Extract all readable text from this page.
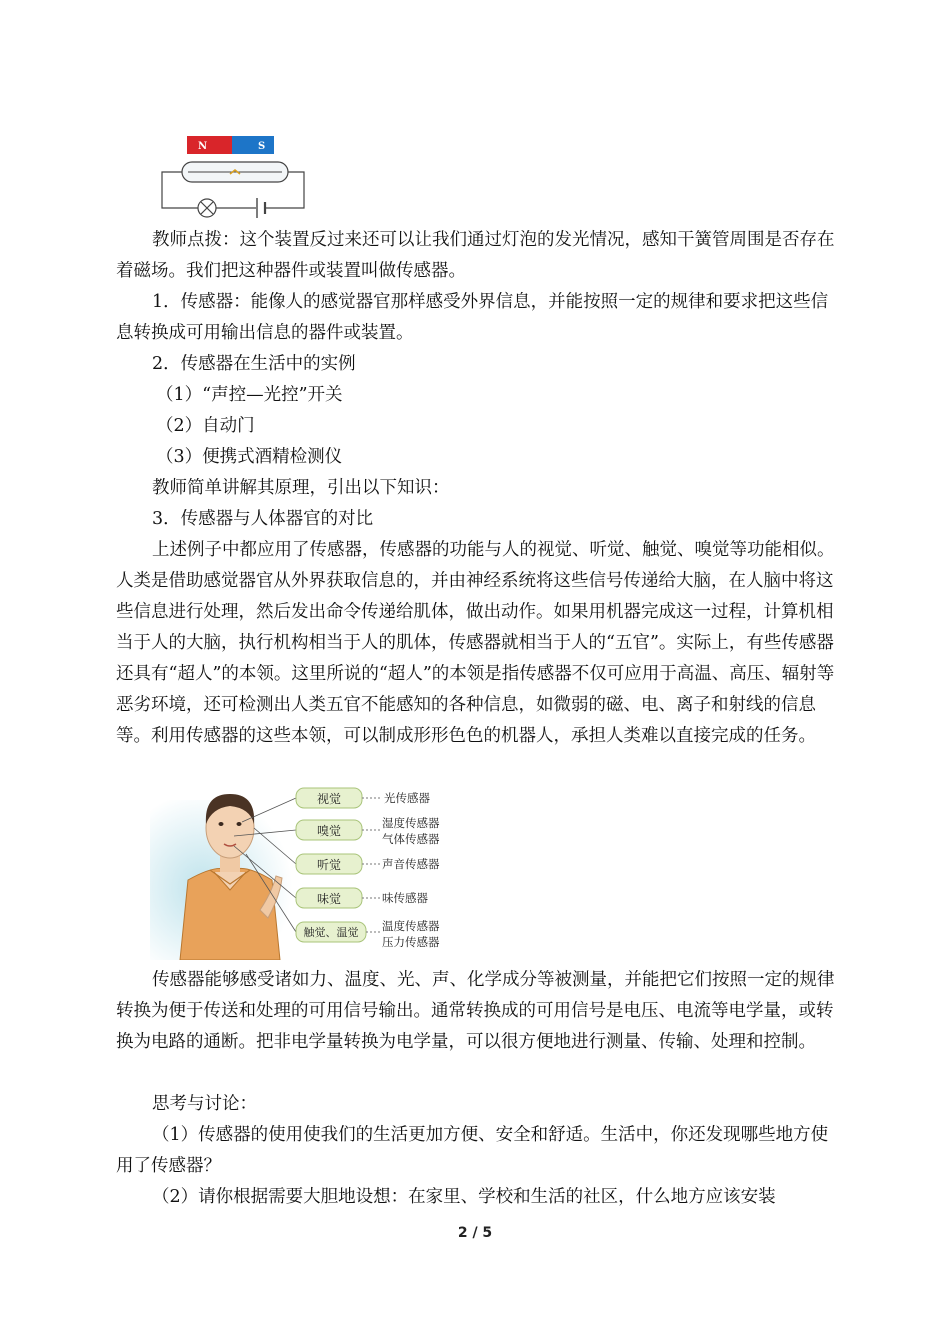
N	S

教师点拨：这个装置反过来还可以让我们通过灯泡的发光情况，感知干簧管周围是否存在着磁场。我们把这种器件或装置叫做传感器。

1．传感器：能像人的感觉器官那样感受外界信息，并能按照一定的规律和要求把这些信息转换成可用输出信息的器件或装置。

2．传感器在生活中的实例

（1）“声控—光控”开关

（2）自动门

（3）便携式酒精检测仪

教师简单讲解其原理，引出以下知识：

3．传感器与人体器官的对比

上述例子中都应用了传感器，传感器的功能与人的视觉、听觉、触觉、嗅觉等功能相似。人类是借助感觉器官从外界获取信息的，并由神经系统将这些信号传递给大脑，在人脑中将这些信息进行处理，然后发出命令传递给肌体，做出动作。如果用机器完成这一过程，计算机相当于人的大脑，执行机构相当于人的肌体，传感器就相当于人的“五官”。实际上，有些传感器还具有“超人”的本领。这里所说的“超人”的本领是指传感器不仅可应用于高温、高压、辐射等恶劣环境，还可检测出人类五官不能感知的各种信息，如微弱的磁、电、离子和射线的信息等。利用传感器的这些本领，可以制成形形色色的机器人，承担人类难以直接完成的任务。

视觉	光传感器
嗅觉
湿度传感器
气体传感器
听觉	声音传感器
味觉	味传感器
触觉、温觉 温度传感器
压力传感器

传感器能够感受诸如力、温度、光、声、化学成分等被测量，并能把它们按照一定的规律转换为便于传送和处理的可用信号输出。通常转换成的可用信号是电压、电流等电学量，或转换为电路的通断。把非电学量转换为电学量，可以很方便地进行测量、传输、处理和控制。

思考与讨论：

（1）传感器的使用使我们的生活更加方便、安全和舒适。生活中，你还发现哪些地方使用了传感器？

（2）请你根据需要大胆地设想：在家里、学校和生活的社区，什么地方应该安装

2 / 5
